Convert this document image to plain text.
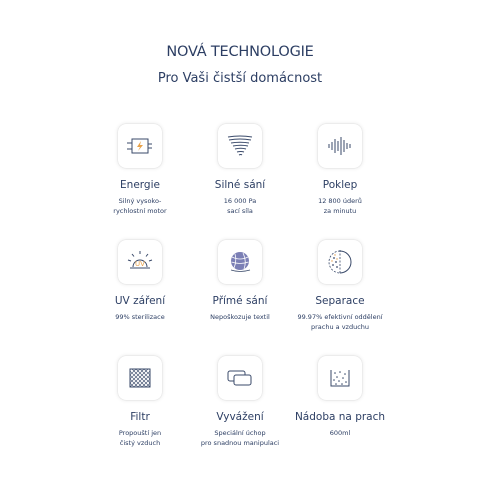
NOVÁ TECHNOLOGIE
Pro Vaši čistší domácnost
Energie
Silný vysoko-
rychlostní motor
Silné sání
16 000 Pa
sací síla
Poklep
12 800 úderů
za minutu
UV
UV záření
99% sterilizace
Přímé sání
Nepoškozuje textil
Separace
99.97% efektivní oddělení
prachu a vzduchu
Filtr
Propouští jen
čistý vzduch
Vyvážení
Speciální úchop
pro snadnou manipulaci
Nádoba na prach
600ml
